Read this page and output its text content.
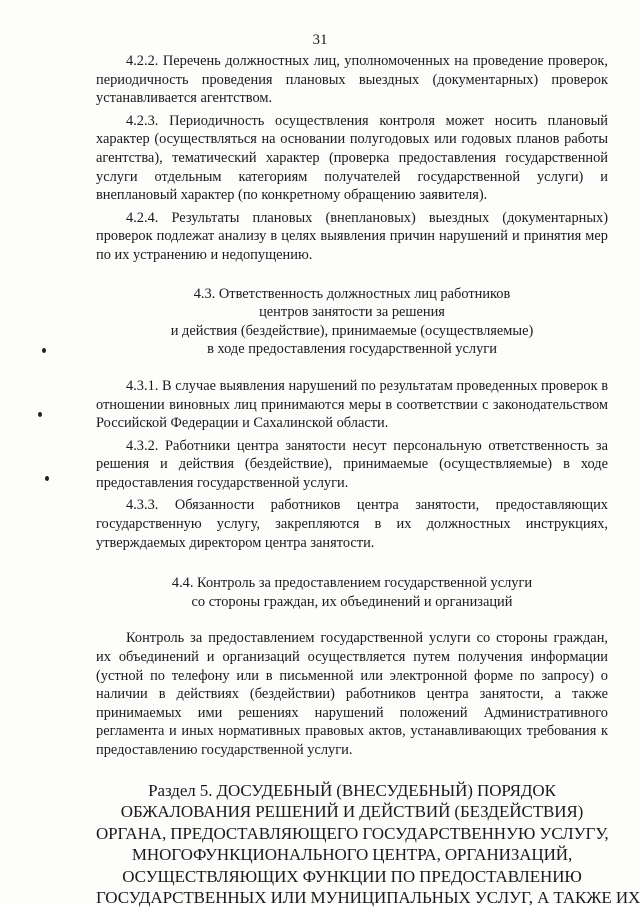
31

4.2.2. Перечень должностных лиц, уполномоченных на проведение проверок, периодичность проведения плановых выездных (документарных) проверок устанавливается агентством.

4.2.3. Периодичность осуществления контроля может носить плановый характер (осуществляться на основании полугодовых или годовых планов работы агентства), тематический характер (проверка предоставления государственной услуги отдельным категориям получателей государственной услуги) и внеплановый характер (по конкретному обращению заявителя).

4.2.4. Результаты плановых (внеплановых) выездных (документарных) проверок подлежат анализу в целях выявления причин нарушений и принятия мер по их устранению и недопущению.

4.3. Ответственность должностных лиц работников
центров занятости за решения
и действия (бездействие), принимаемые (осуществляемые)
в ходе предоставления государственной услуги

4.3.1. В случае выявления нарушений по результатам проведенных проверок в отношении виновных лиц принимаются меры в соответствии с законодательством Российской Федерации и Сахалинской области.

4.3.2. Работники центра занятости несут персональную ответственность за решения и действия (бездействие), принимаемые (осуществляемые) в ходе предоставления государственной услуги.

4.3.3. Обязанности работников центра занятости, предоставляющих государственную услугу, закрепляются в их должностных инструкциях, утверждаемых директором центра занятости.

4.4. Контроль за предоставлением государственной услуги
со стороны граждан, их объединений и организаций

Контроль за предоставлением государственной услуги со стороны граждан, их объединений и организаций осуществляется путем получения информации (устной по телефону или в письменной или электронной форме по запросу) о наличии в действиях (бездействии) работников центра занятости, а также принимаемых ими решениях нарушений положений Административного регламента и иных нормативных правовых актов, устанавливающих требования к предоставлению государственной услуги.

Раздел 5. ДОСУДЕБНЫЙ (ВНЕСУДЕБНЫЙ) ПОРЯДОК
ОБЖАЛОВАНИЯ РЕШЕНИЙ И ДЕЙСТВИЙ (БЕЗДЕЙСТВИЯ)
ОРГАНА, ПРЕДОСТАВЛЯЮЩЕГО ГОСУДАРСТВЕННУЮ УСЛУГУ,
МНОГОФУНКЦИОНАЛЬНОГО ЦЕНТРА, ОРГАНИЗАЦИЙ,
ОСУЩЕСТВЛЯЮЩИХ ФУНКЦИИ ПО ПРЕДОСТАВЛЕНИЮ
ГОСУДАРСТВЕННЫХ ИЛИ МУНИЦИПАЛЬНЫХ УСЛУГ, А ТАКЖЕ ИХ
